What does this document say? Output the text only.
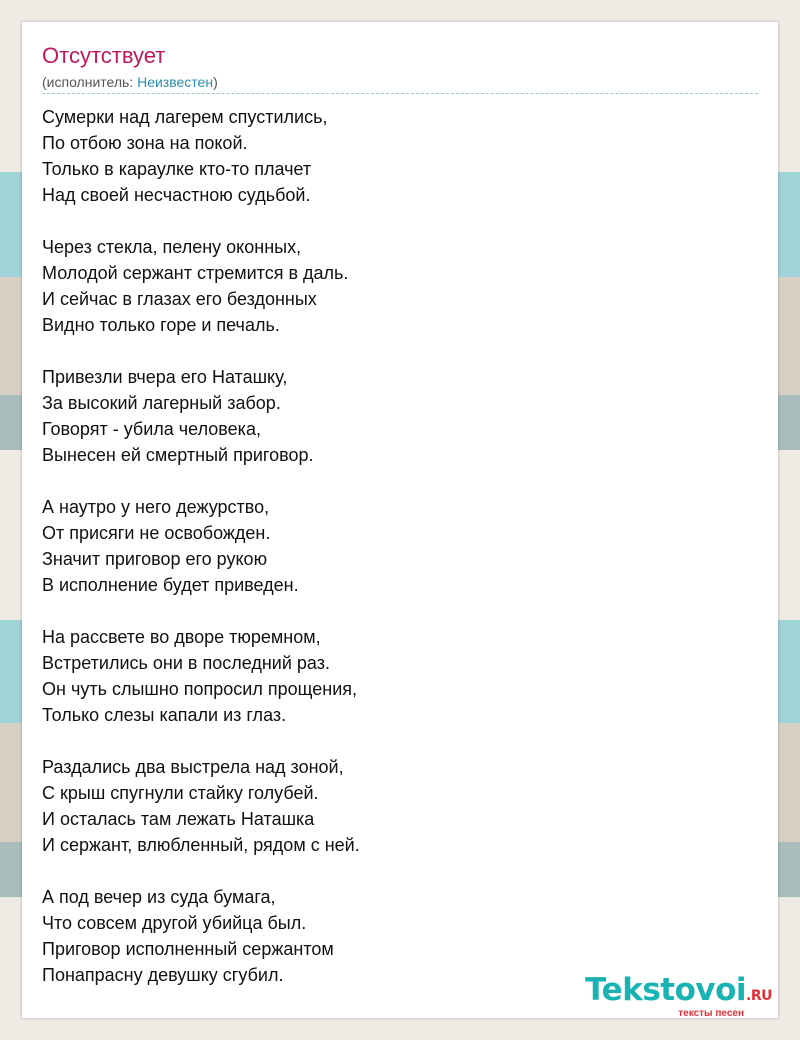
Отсутствует
(исполнитель: Неизвестен)
Сумерки над лагерем спустились,
По отбою зона на покой.
Только в караулке кто-то плачет
Над своей несчастною судьбой.
Через стекла, пелену оконных,
Молодой сержант стремится в даль.
И сейчас в глазах его бездонных
Видно только горе и печаль.
Привезли вчера его Наташку,
За высокий лагерный забор.
Говорят - убила человека,
Вынесен ей смертный приговор.
А наутро у него дежурство,
От присяги не освобожден.
Значит приговор его рукою
В исполнение будет приведен.
На рассвете во дворе тюремном,
Встретились они в последний раз.
Он чуть слышно попросил прощения,
Только слезы капали из глаз.
Раздались два выстрела над зоной,
С крыш спугнули стайку голубей.
И осталась там лежать Наташка
И сержант, влюбленный, рядом с ней.
А под вечер из суда бумага,
Что совсем другой убийца был.
Приговор исполненный сержантом
Понапрасну девушку сгубил.	Tekstovoi.RU
тексты песен
